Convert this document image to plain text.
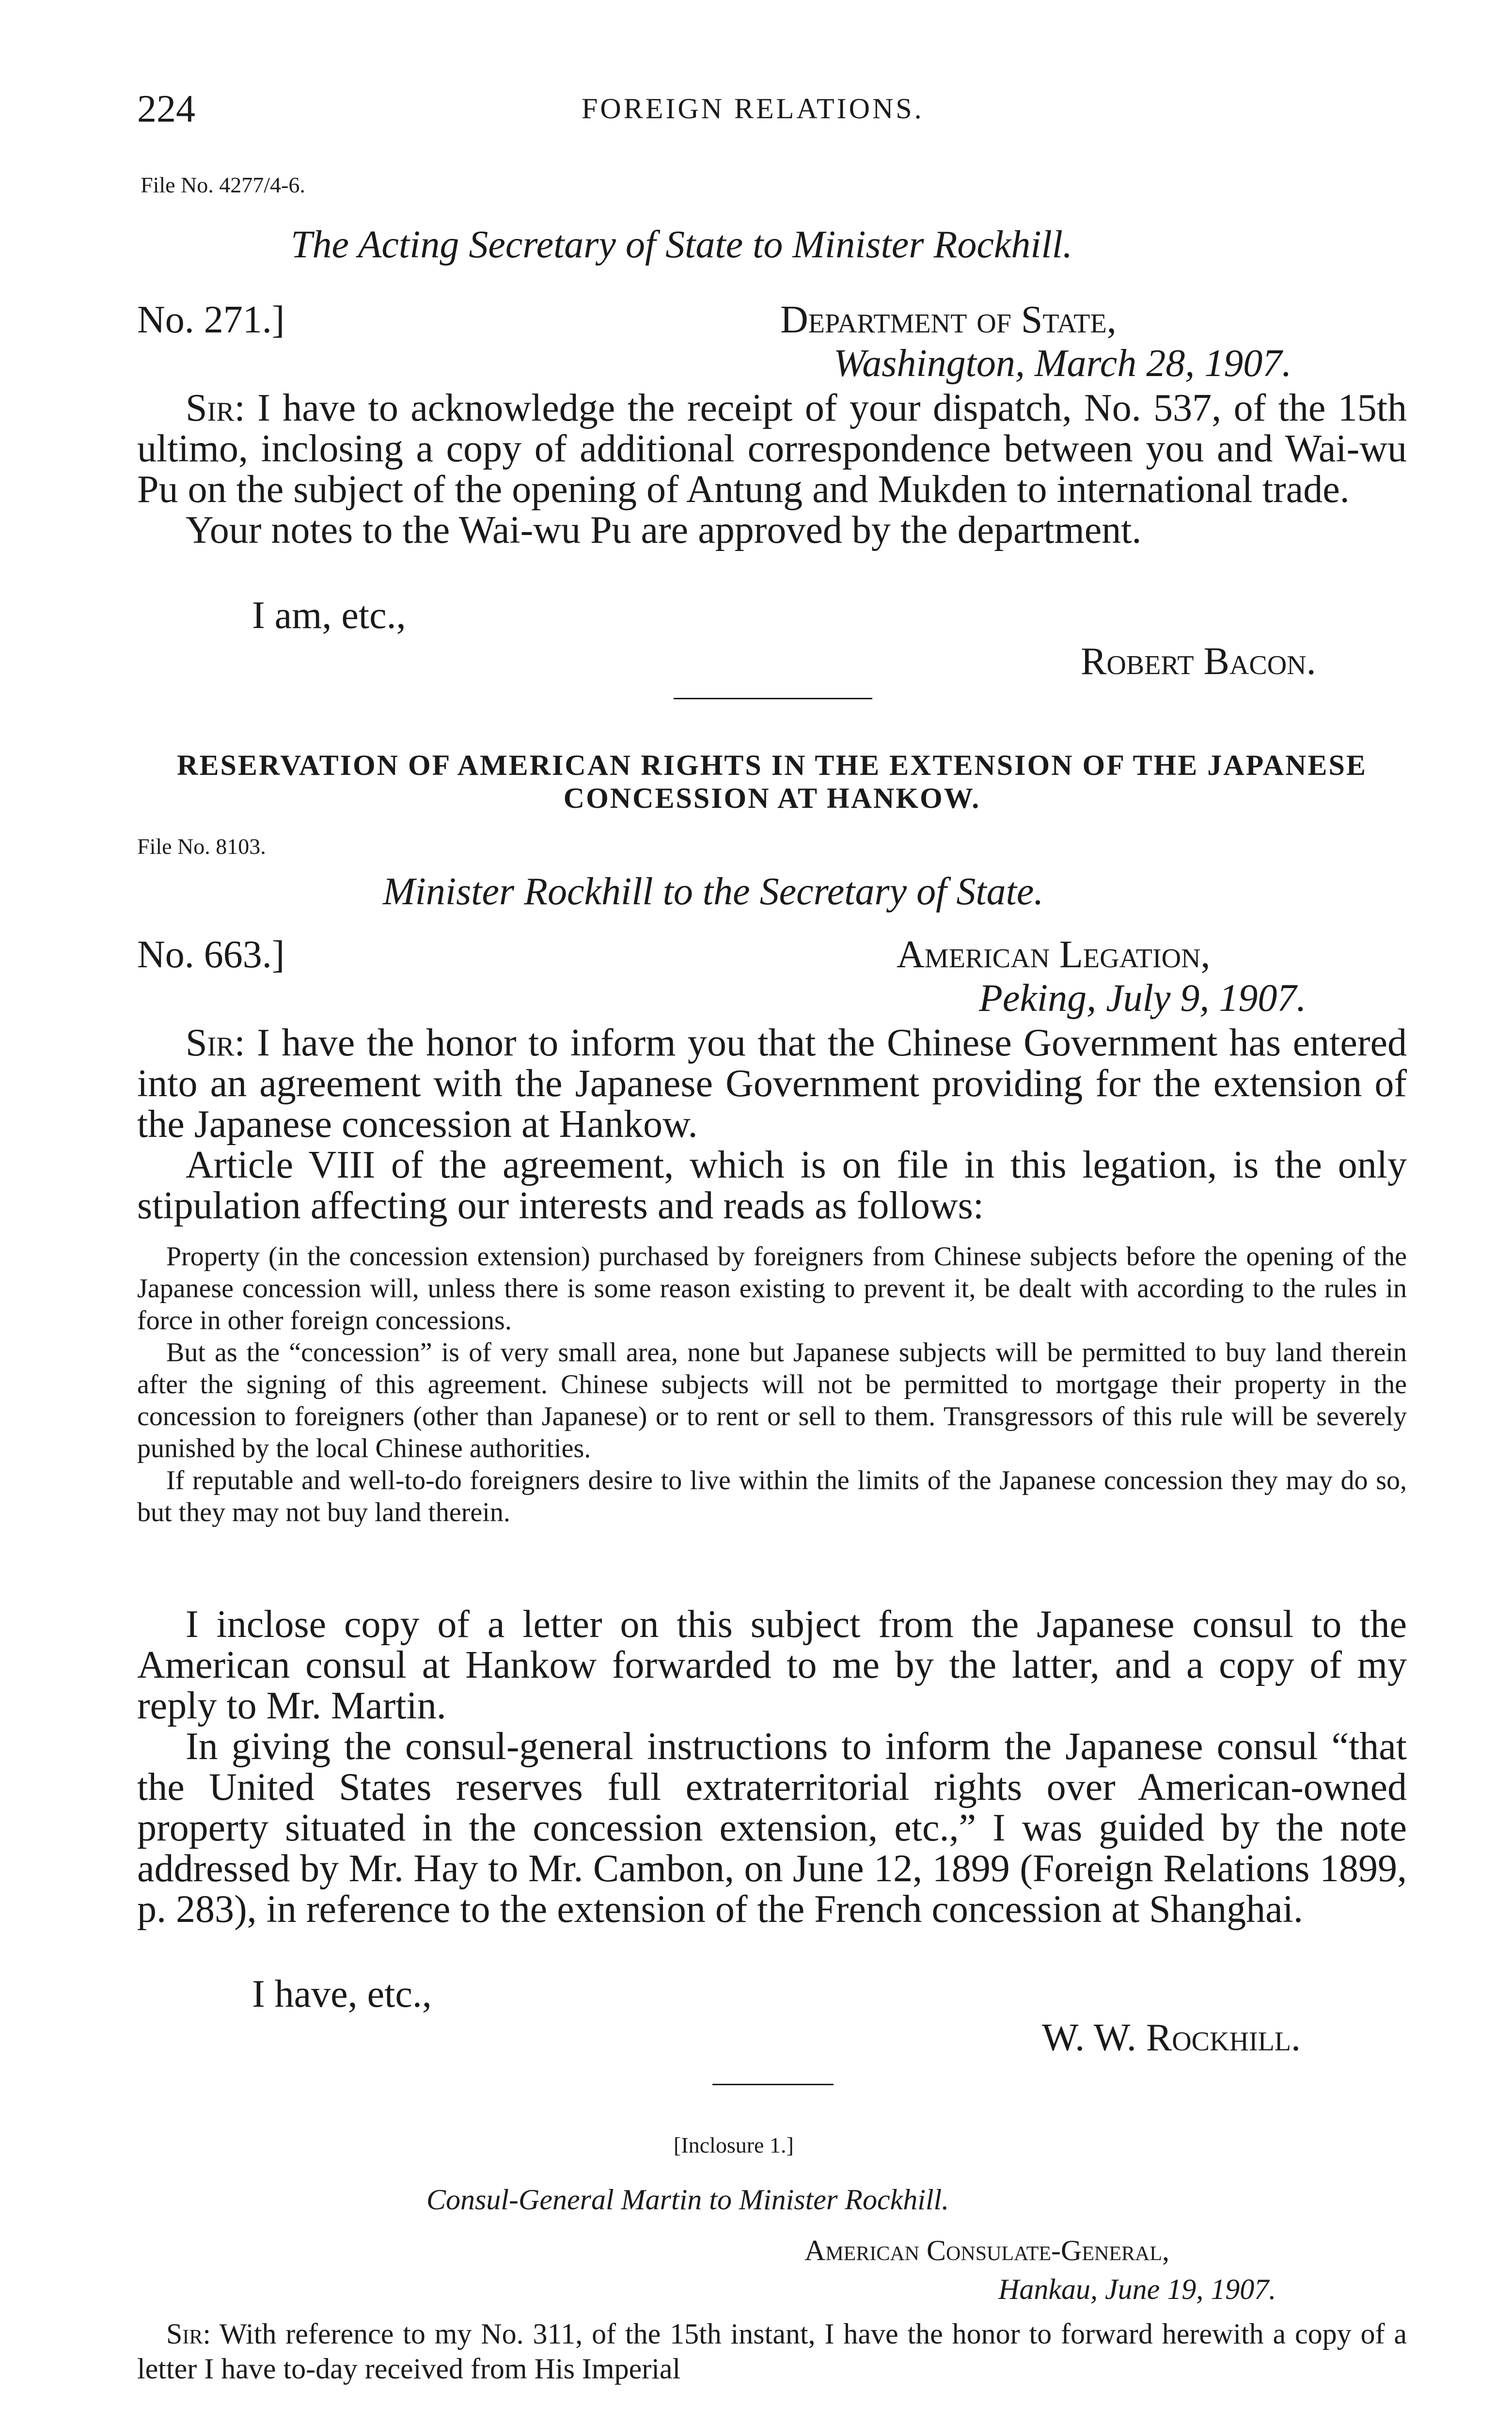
224	FOREIGN RELATIONS.
File No. 4277/4-6.
The Acting Secretary of State to Minister Rockhill.
No. 271.]	Department of State,
Washington, March 28, 1907.

Sir: I have to acknowledge the receipt of your dispatch, No. 537, of the 15th ultimo, inclosing a copy of additional correspondence between you and Wai-wu Pu on the subject of the opening of Antung and Mukden to international trade.

Your notes to the Wai-wu Pu are approved by the department.

I am, etc.,
Robert Bacon.
RESERVATION OF AMERICAN RIGHTS IN THE EXTENSION OF THE JAPANESE CONCESSION AT HANKOW.
File No. 8103.
Minister Rockhill to the Secretary of State.
No. 663.]	American Legation,
Peking, July 9, 1907.

Sir: I have the honor to inform you that the Chinese Government has entered into an agreement with the Japanese Government providing for the extension of the Japanese concession at Hankow.

Article VIII of the agreement, which is on file in this legation, is the only stipulation affecting our interests and reads as follows:

Property (in the concession extension) purchased by foreigners from Chinese subjects before the opening of the Japanese concession will, unless there is some reason existing to prevent it, be dealt with according to the rules in force in other foreign concessions.

But as the “concession” is of very small area, none but Japanese subjects will be permitted to buy land therein after the signing of this agreement. Chinese subjects will not be permitted to mortgage their property in the concession to foreigners (other than Japanese) or to rent or sell to them. Transgressors of this rule will be severely punished by the local Chinese authorities.

If reputable and well-to-do foreigners desire to live within the limits of the Japanese concession they may do so, but they may not buy land therein.

I inclose copy of a letter on this subject from the Japanese consul to the American consul at Hankow forwarded to me by the latter, and a copy of my reply to Mr. Martin.

In giving the consul-general instructions to inform the Japanese consul “that the United States reserves full extraterritorial rights over American-owned property situated in the concession extension, etc.,” I was guided by the note addressed by Mr. Hay to Mr. Cambon, on June 12, 1899 (Foreign Relations 1899, p. 283), in reference to the extension of the French concession at Shanghai.

I have, etc.,
W. W. Rockhill.
[Inclosure 1.]
Consul-General Martin to Minister Rockhill.
American Consulate-General,
Hankau, June 19, 1907.

Sir: With reference to my No. 311, of the 15th instant, I have the honor to forward herewith a copy of a letter I have to-day received from His Imperial
